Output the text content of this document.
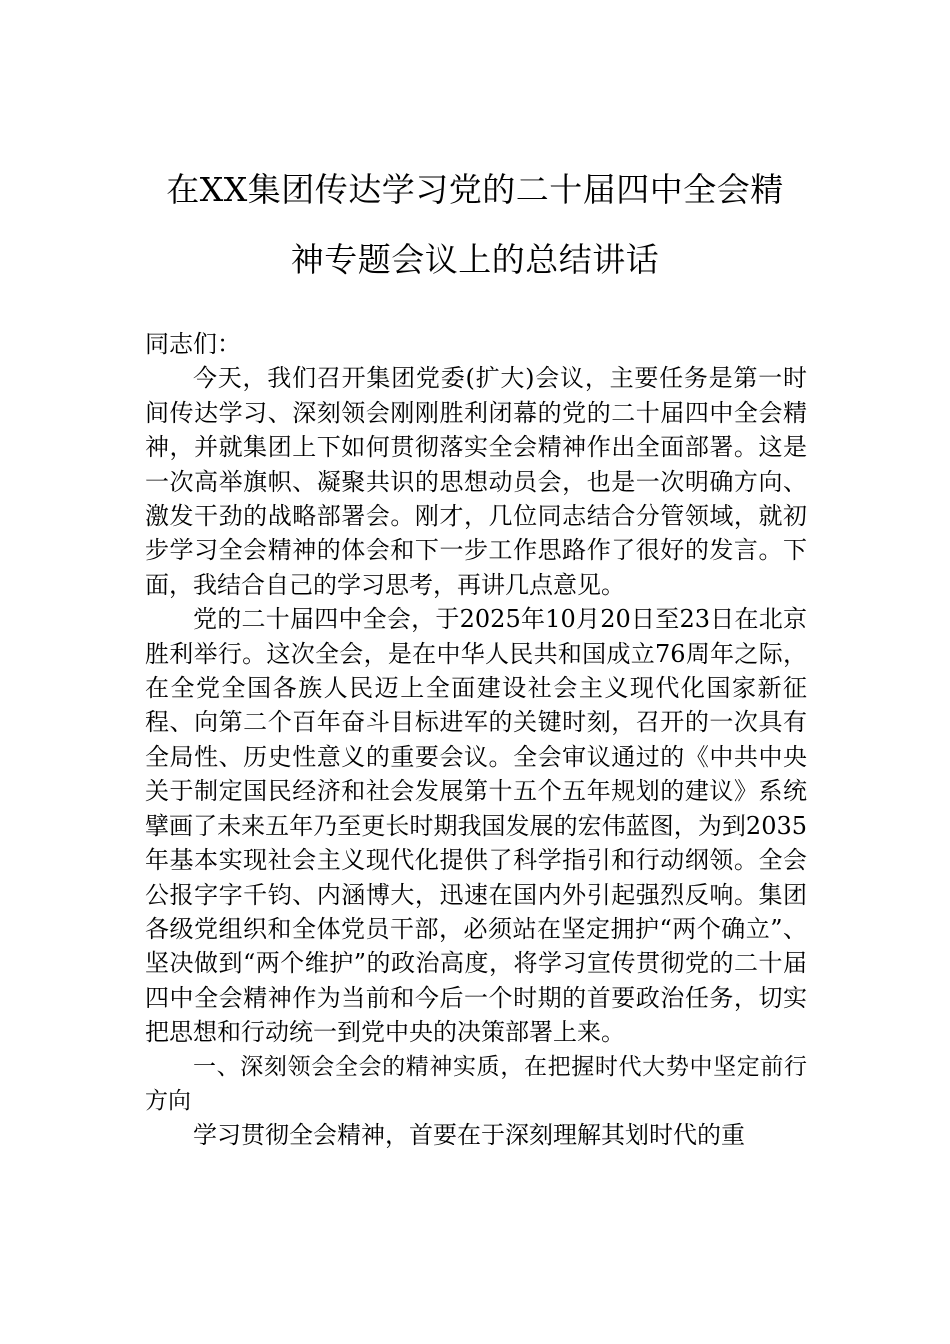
在XX集团传达学习党的二十届四中全会精
神专题会议上的总结讲话

同志们：

今天，我们召开集团党委(扩大)会议，主要任务是第一时间传达学习、深刻领会刚刚胜利闭幕的党的二十届四中全会精神，并就集团上下如何贯彻落实全会精神作出全面部署。这是一次高举旗帜、凝聚共识的思想动员会，也是一次明确方向、激发干劲的战略部署会。刚才，几位同志结合分管领域，就初步学习全会精神的体会和下一步工作思路作了很好的发言。下面，我结合自己的学习思考，再讲几点意见。

党的二十届四中全会，于2025年10月20日至23日在北京胜利举行。这次全会，是在中华人民共和国成立76周年之际，在全党全国各族人民迈上全面建设社会主义现代化国家新征程、向第二个百年奋斗目标进军的关键时刻，召开的一次具有全局性、历史性意义的重要会议。全会审议通过的《中共中央关于制定国民经济和社会发展第十五个五年规划的建议》系统擘画了未来五年乃至更长时期我国发展的宏伟蓝图，为到2035年基本实现社会主义现代化提供了科学指引和行动纲领。全会公报字字千钧、内涵博大，迅速在国内外引起强烈反响。集团各级党组织和全体党员干部，必须站在坚定拥护“两个确立”、坚决做到“两个维护”的政治高度，将学习宣传贯彻党的二十届四中全会精神作为当前和今后一个时期的首要政治任务，切实把思想和行动统一到党中央的决策部署上来。

一、深刻领会全会的精神实质，在把握时代大势中坚定前行方向

学习贯彻全会精神，首要在于深刻理解其划时代的重
